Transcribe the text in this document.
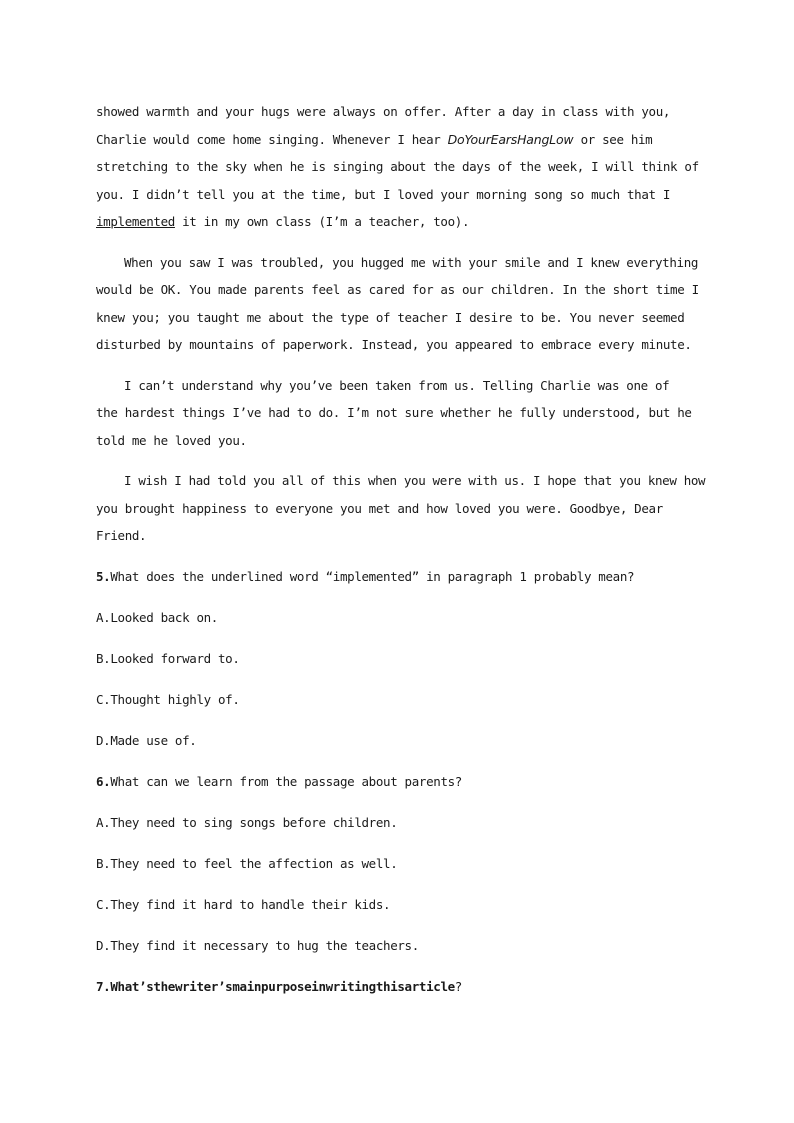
showed warmth and your hugs were always on offer. After a day in class with you,
Charlie would come home singing. Whenever I hear DoYourEarsHangLow or see him
stretching to the sky when he is singing about the days of the week, I will think of
you. I didn’t tell you at the time, but I loved your morning song so much that I
implemented it in my own class (I’m a teacher, too).

When you saw I was troubled, you hugged me with your smile and I knew everything
would be OK. You made parents feel as cared for as our children. In the short time I
knew you; you taught me about the type of teacher I desire to be. You never seemed
disturbed by mountains of paperwork. Instead, you appeared to embrace every minute.

I can’t understand why you’ve been taken from us. Telling Charlie was one of
the hardest things I’ve had to do. I’m not sure whether he fully understood, but he
told me he loved you.

I wish I had told you all of this when you were with us. I hope that you knew how
you brought happiness to everyone you met and how loved you were. Goodbye, Dear
Friend.

5.What does the underlined word “implemented” in paragraph 1 probably mean?

A.Looked back on.

B.Looked forward to.

C.Thought highly of.

D.Made use of.

6.What can we learn from the passage about parents?

A.They need to sing songs before children.

B.They need to feel the affection as well.

C.They find it hard to handle their kids.

D.They find it necessary to hug the teachers.

7.What’sthewriter’smainpurposeinwritingthisarticle?
